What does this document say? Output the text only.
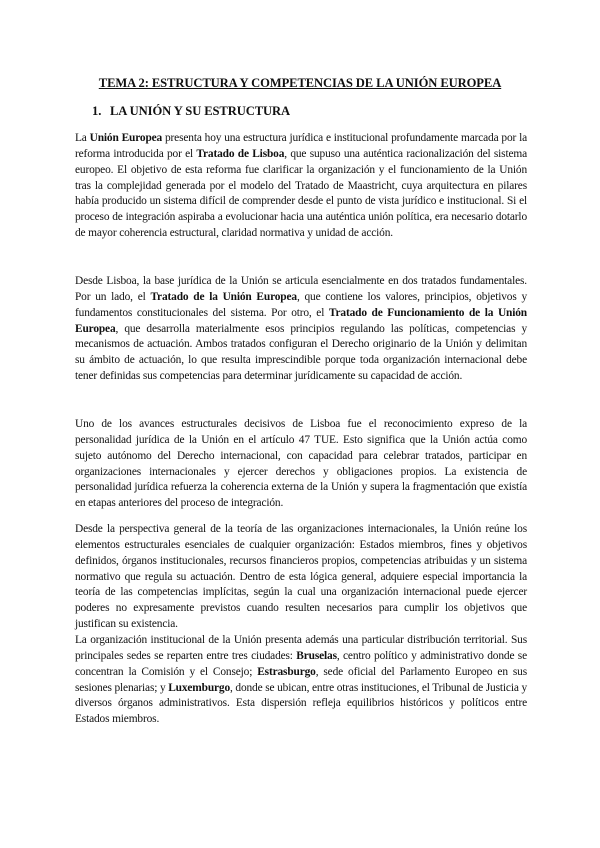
TEMA 2: ESTRUCTURA Y COMPETENCIAS DE LA UNIÓN EUROPEA
1. LA UNIÓN Y SU ESTRUCTURA
La Unión Europea presenta hoy una estructura jurídica e institucional profundamente marcada por la reforma introducida por el Tratado de Lisboa, que supuso una auténtica racionalización del sistema europeo. El objetivo de esta reforma fue clarificar la organización y el funcionamiento de la Unión tras la complejidad generada por el modelo del Tratado de Maastricht, cuya arquitectura en pilares había producido un sistema difícil de comprender desde el punto de vista jurídico e institucional. Si el proceso de integración aspiraba a evolucionar hacia una auténtica unión política, era necesario dotarlo de mayor coherencia estructural, claridad normativa y unidad de acción.
Desde Lisboa, la base jurídica de la Unión se articula esencialmente en dos tratados fundamentales. Por un lado, el Tratado de la Unión Europea, que contiene los valores, principios, objetivos y fundamentos constitucionales del sistema. Por otro, el Tratado de Funcionamiento de la Unión Europea, que desarrolla materialmente esos principios regulando las políticas, competencias y mecanismos de actuación. Ambos tratados configuran el Derecho originario de la Unión y delimitan su ámbito de actuación, lo que resulta imprescindible porque toda organización internacional debe tener definidas sus competencias para determinar jurídicamente su capacidad de acción.
Uno de los avances estructurales decisivos de Lisboa fue el reconocimiento expreso de la personalidad jurídica de la Unión en el artículo 47 TUE. Esto significa que la Unión actúa como sujeto autónomo del Derecho internacional, con capacidad para celebrar tratados, participar en organizaciones internacionales y ejercer derechos y obligaciones propios. La existencia de personalidad jurídica refuerza la coherencia externa de la Unión y supera la fragmentación que existía en etapas anteriores del proceso de integración.
Desde la perspectiva general de la teoría de las organizaciones internacionales, la Unión reúne los elementos estructurales esenciales de cualquier organización: Estados miembros, fines y objetivos definidos, órganos institucionales, recursos financieros propios, competencias atribuidas y un sistema normativo que regula su actuación. Dentro de esta lógica general, adquiere especial importancia la teoría de las competencias implícitas, según la cual una organización internacional puede ejercer poderes no expresamente previstos cuando resulten necesarios para cumplir los objetivos que justifican su existencia.
La organización institucional de la Unión presenta además una particular distribución territorial. Sus principales sedes se reparten entre tres ciudades: Bruselas, centro político y administrativo donde se concentran la Comisión y el Consejo; Estrasburgo, sede oficial del Parlamento Europeo en sus sesiones plenarias; y Luxemburgo, donde se ubican, entre otras instituciones, el Tribunal de Justicia y diversos órganos administrativos. Esta dispersión refleja equilibrios históricos y políticos entre Estados miembros.
